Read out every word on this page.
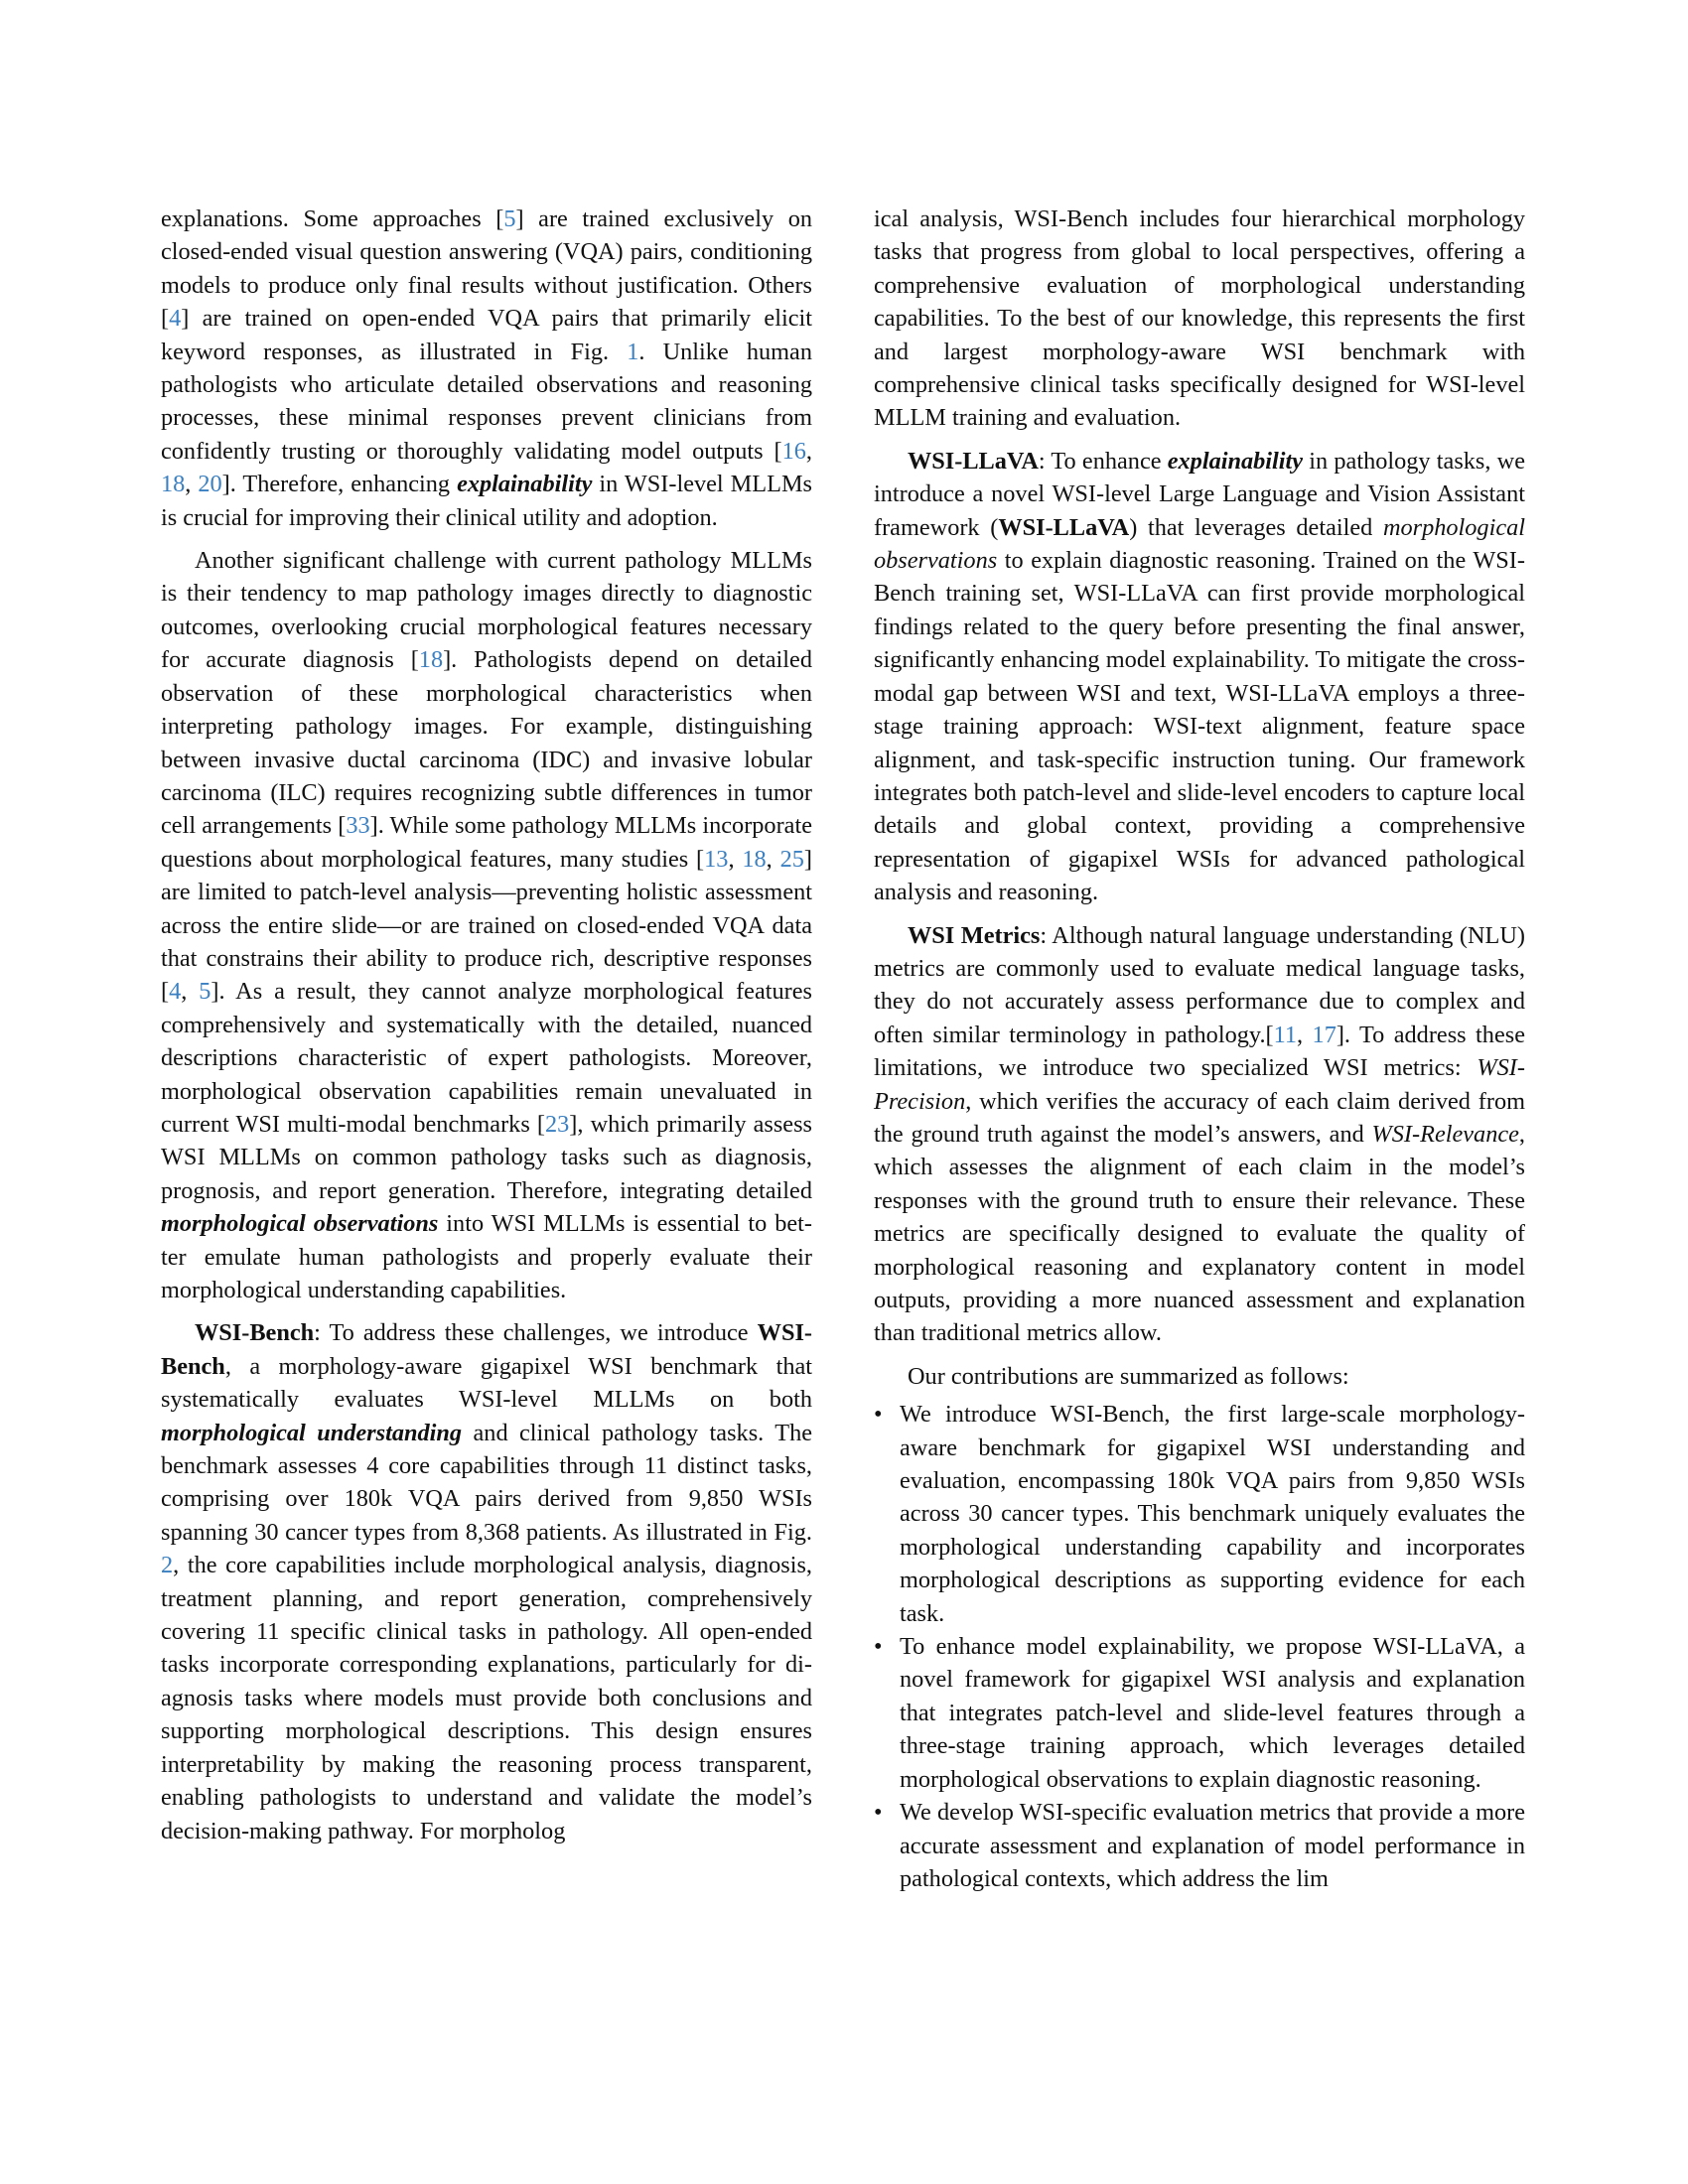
explanations. Some approaches [5] are trained exclusively on closed-ended visual question answering (VQA) pairs, conditioning models to produce only final results without justification. Others [4] are trained on open-ended VQA pairs that primarily elicit keyword responses, as illustrated in Fig. 1. Unlike human pathologists who articulate detailed observations and reasoning processes, these minimal responses prevent clinicians from confidently trusting or thoroughly validating model outputs [16, 18, 20]. Therefore, enhancing explainability in WSI-level MLLMs is crucial for improving their clinical utility and adoption.

Another significant challenge with current pathology MLLMs is their tendency to map pathology images directly to diagnostic outcomes, overlooking crucial morphological features necessary for accurate diagnosis [18]. Pathologists depend on detailed observation of these morphological characteristics when interpreting pathology images. For example, distinguishing between invasive ductal carcinoma (IDC) and invasive lobular carcinoma (ILC) requires recognizing subtle differences in tumor cell arrangements [33]. While some pathology MLLMs incorporate questions about morphological features, many studies [13, 18, 25] are limited to patch-level analysis—preventing holistic assessment across the entire slide—or are trained on closed-ended VQA data that constrains their ability to produce rich, descriptive responses [4, 5]. As a result, they cannot analyze morphological features comprehensively and systematically with the detailed, nuanced descriptions characteristic of expert pathologists. Moreover, morphological observation capabilities remain unevaluated in current WSI multi-modal benchmarks [23], which primarily assess WSI MLLMs on common pathology tasks such as diagnosis, prognosis, and report generation. Therefore, integrating detailed morphological observations into WSI MLLMs is essential to better emulate human pathologists and properly evaluate their morphological understanding capabilities.

WSI-Bench: To address these challenges, we introduce WSI-Bench, a morphology-aware gigapixel WSI benchmark that systematically evaluates WSI-level MLLMs on both morphological understanding and clinical pathology tasks. The benchmark assesses 4 core capabilities through 11 distinct tasks, comprising over 180k VQA pairs derived from 9,850 WSIs spanning 30 cancer types from 8,368 patients. As illustrated in Fig. 2, the core capabilities include morphological analysis, diagnosis, treatment planning, and report generation, comprehensively covering 11 specific clinical tasks in pathology. All open-ended tasks incorporate corresponding explanations, particularly for diagnosis tasks where models must provide both conclusions and supporting morphological descriptions. This design ensures interpretability by making the reasoning process transparent, enabling pathologists to understand and validate the model’s decision-making pathway. For morpholog

ical analysis, WSI-Bench includes four hierarchical morphology tasks that progress from global to local perspectives, offering a comprehensive evaluation of morphological understanding capabilities. To the best of our knowledge, this represents the first and largest morphology-aware WSI benchmark with comprehensive clinical tasks specifically designed for WSI-level MLLM training and evaluation.

WSI-LLaVA: To enhance explainability in pathology tasks, we introduce a novel WSI-level Large Language and Vision Assistant framework (WSI-LLaVA) that leverages detailed morphological observations to explain diagnostic reasoning. Trained on the WSI-Bench training set, WSI-LLaVA can first provide morphological findings related to the query before presenting the final answer, significantly enhancing model explainability. To mitigate the cross-modal gap between WSI and text, WSI-LLaVA employs a three-stage training approach: WSI-text alignment, feature space alignment, and task-specific instruction tuning. Our framework integrates both patch-level and slide-level encoders to capture local details and global context, providing a comprehensive representation of gigapixel WSIs for advanced pathological analysis and reasoning.

WSI Metrics: Although natural language understanding (NLU) metrics are commonly used to evaluate medical language tasks, they do not accurately assess performance due to complex and often similar terminology in pathology.[11, 17]. To address these limitations, we introduce two specialized WSI metrics: WSI-Precision, which verifies the accuracy of each claim derived from the ground truth against the model’s answers, and WSI-Relevance, which assesses the alignment of each claim in the model’s responses with the ground truth to ensure their relevance. These metrics are specifically designed to evaluate the quality of morphological reasoning and explanatory content in model outputs, providing a more nuanced assessment and explanation than traditional metrics allow.

Our contributions are summarized as follows:

• We introduce WSI-Bench, the first large-scale morphology-aware benchmark for gigapixel WSI understanding and evaluation, encompassing 180k VQA pairs from 9,850 WSIs across 30 cancer types. This benchmark uniquely evaluates the morphological understanding capability and incorporates morphological descriptions as supporting evidence for each task.
• To enhance model explainability, we propose WSI-LLaVA, a novel framework for gigapixel WSI analysis and explanation that integrates patch-level and slide-level features through a three-stage training approach, which leverages detailed morphological observations to explain diagnostic reasoning.
• We develop WSI-specific evaluation metrics that provide a more accurate assessment and explanation of model performance in pathological contexts, which address the lim
